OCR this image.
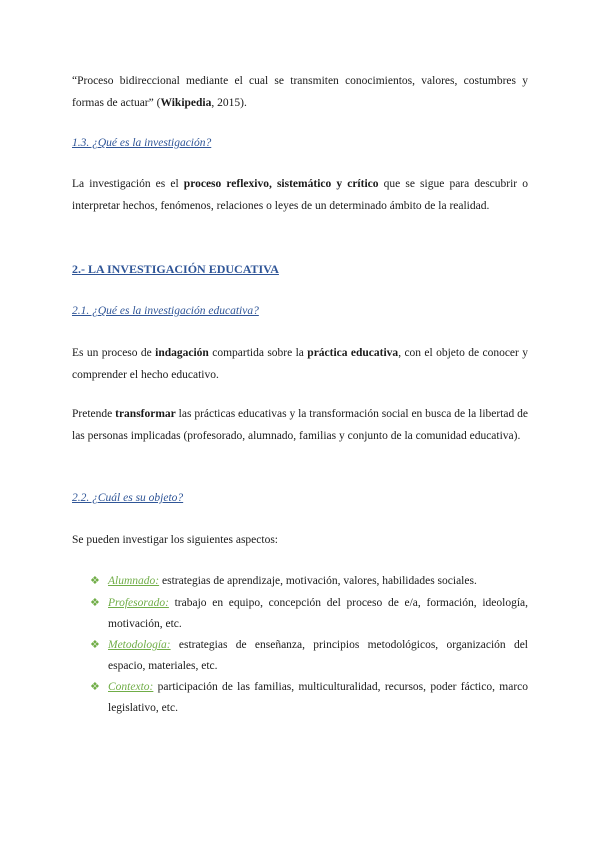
“Proceso bidireccional mediante el cual se transmiten conocimientos, valores, costumbres y formas de actuar” (Wikipedia, 2015).

1.3. ¿Qué es la investigación?

La investigación es el proceso reflexivo, sistemático y crítico que se sigue para descubrir o interpretar hechos, fenómenos, relaciones o leyes de un determinado ámbito de la realidad.

2.- LA INVESTIGACIÓN EDUCATIVA
2.1. ¿Qué es la investigación educativa?

Es un proceso de indagación compartida sobre la práctica educativa, con el objeto de conocer y comprender el hecho educativo.

Pretende transformar las prácticas educativas y la transformación social en busca de la libertad de las personas implicadas (profesorado, alumnado, familias y conjunto de la comunidad educativa).

2.2. ¿Cuál es su objeto?
Se pueden investigar los siguientes aspectos:
❖ Alumnado: estrategias de aprendizaje, motivación, valores, habilidades sociales.
❖ Profesorado: trabajo en equipo, concepción del proceso de e/a, formación, ideología, motivación, etc.
❖ Metodología: estrategias de enseñanza, principios metodológicos, organización del espacio, materiales, etc.
❖ Contexto: participación de las familias, multiculturalidad, recursos, poder fáctico, marco legislativo, etc.
